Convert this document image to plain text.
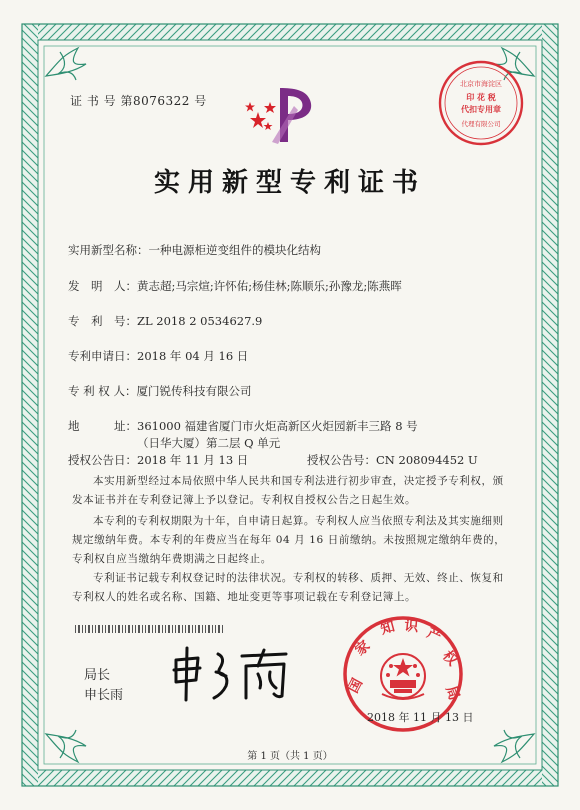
证 书 号 第8076322 号
北京市海淀区
印 花 税
代扣专用章
代理有限公司
实用新型专利证书
实用新型名称：一种电源柜逆变组件的模块化结构
发　明　人：黄志超;马宗煊;许怀佑;杨佳林;陈顺乐;孙豫龙;陈燕晖
专　利　号：ZL 2018 2 0534627.9
专利申请日：2018 年 04 月 16 日
专 利 权 人：厦门锐传科技有限公司
地　　　址：361000 福建省厦门市火炬高新区火炬园新丰三路 8 号（日华大厦）第二层 Q 单元
授权公告日：2018 年 11 月 13 日	授权公告号：CN 208094452 U
本实用新型经过本局依照中华人民共和国专利法进行初步审查，决定授予专利权，颁发本证书并在专利登记簿上予以登记。专利权自授权公告之日起生效。
本专利的专利权期限为十年，自申请日起算。专利权人应当依照专利法及其实施细则规定缴纳年费。本专利的年费应当在每年 04 月 16 日前缴纳。未按照规定缴纳年费的，专利权自应当缴纳年费期满之日起终止。
专利证书记载专利权登记时的法律状况。专利权的转移、质押、无效、终止、恢复和专利权人的姓名或名称、国籍、地址变更等事项记载在专利登记簿上。
局长
申长雨	国
家
知 识 产
权
局
2018 年 11 月 13 日
第 1 页（共 1 页）
